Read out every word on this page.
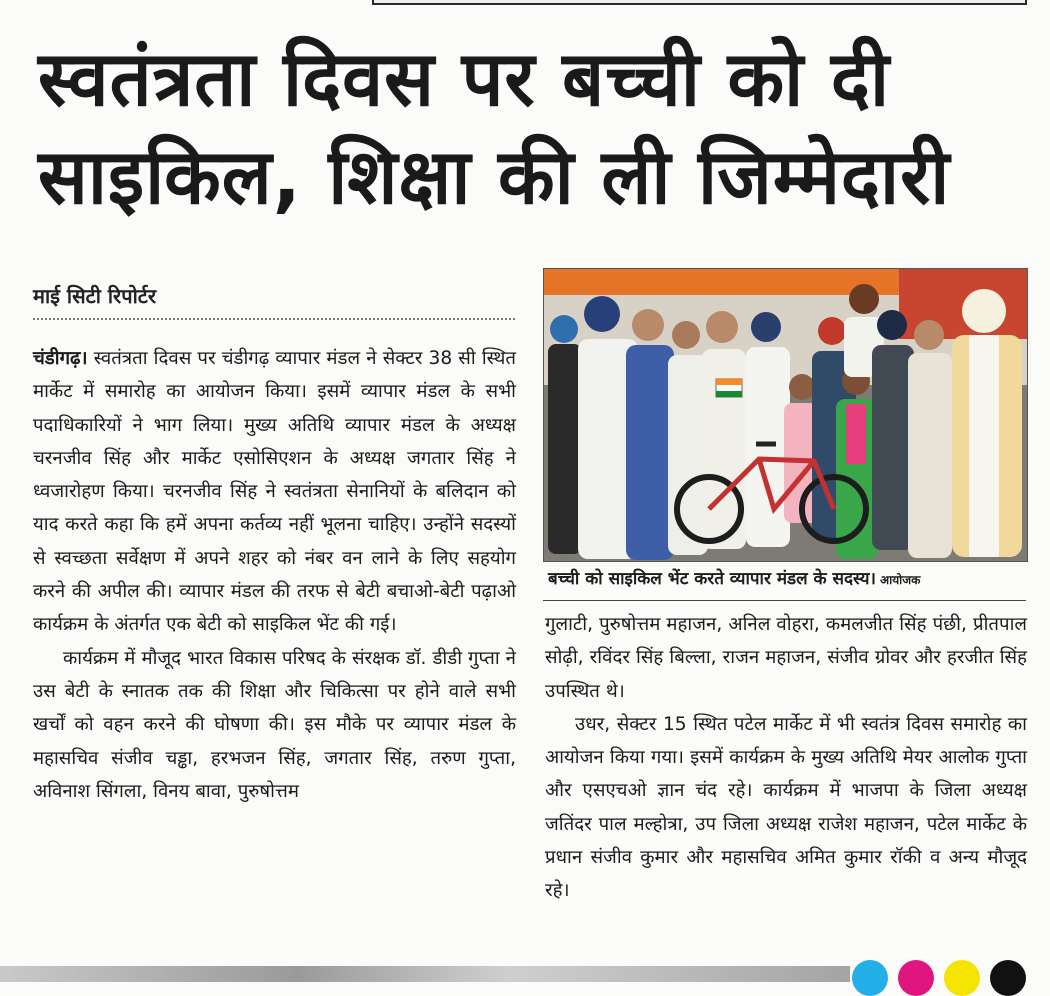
स्वतंत्रता दिवस पर बच्ची को दी
साइकिल, शिक्षा की ली जिम्मेदारी
माई सिटी रिपोर्टर

चंडीगढ़। स्वतंत्रता दिवस पर चंडीगढ़ व्यापार मंडल ने सेक्टर 38 सी स्थित मार्केट में समारोह का आयोजन किया। इसमें व्यापार मंडल के सभी पदाधिकारियों ने भाग लिया। मुख्य अतिथि व्यापार मंडल के अध्यक्ष चरनजीव सिंह और मार्केट एसोसिएशन के अध्यक्ष जगतार सिंह ने ध्वजारोहण किया। चरनजीव सिंह ने स्वतंत्रता सेनानियों के बलिदान को याद करते कहा कि हमें अपना कर्तव्य नहीं भूलना चाहिए। उन्होंने सदस्यों से स्वच्छता सर्वेक्षण में अपने शहर को नंबर वन लाने के लिए सहयोग करने की अपील की। व्यापार मंडल की तरफ से बेटी बचाओ-बेटी पढ़ाओ कार्यक्रम के अंतर्गत एक बेटी को साइकिल भेंट की गई।

कार्यक्रम में मौजूद भारत विकास परिषद के संरक्षक डॉ. डीडी गुप्ता ने उस बेटी के स्नातक तक की शिक्षा और चिकित्सा पर होने वाले सभी खर्चों को वहन करने की घोषणा की। इस मौके पर व्यापार मंडल के महासचिव संजीव चड्ढा, हरभजन सिंह, जगतार सिंह, तरुण गुप्ता, अविनाश सिंगला, विनय बावा, पुरुषोत्तम

बच्ची को साइकिल भेंट करते व्यापार मंडल के सदस्य। आयोजक

गुलाटी, पुरुषोत्तम महाजन, अनिल वोहरा, कमलजीत सिंह पंछी, प्रीतपाल सोढ़ी, रविंदर सिंह बिल्ला, राजन महाजन, संजीव ग्रोवर और हरजीत सिंह उपस्थित थे।

उधर, सेक्टर 15 स्थित पटेल मार्केट में भी स्वतंत्र दिवस समारोह का आयोजन किया गया। इसमें कार्यक्रम के मुख्य अतिथि मेयर आलोक गुप्ता और एसएचओ ज्ञान चंद रहे। कार्यक्रम में भाजपा के जिला अध्यक्ष जतिंदर पाल मल्होत्रा, उप जिला अध्यक्ष राजेश महाजन, पटेल मार्केट के प्रधान संजीव कुमार और महासचिव अमित कुमार रॉकी व अन्य मौजूद रहे।
